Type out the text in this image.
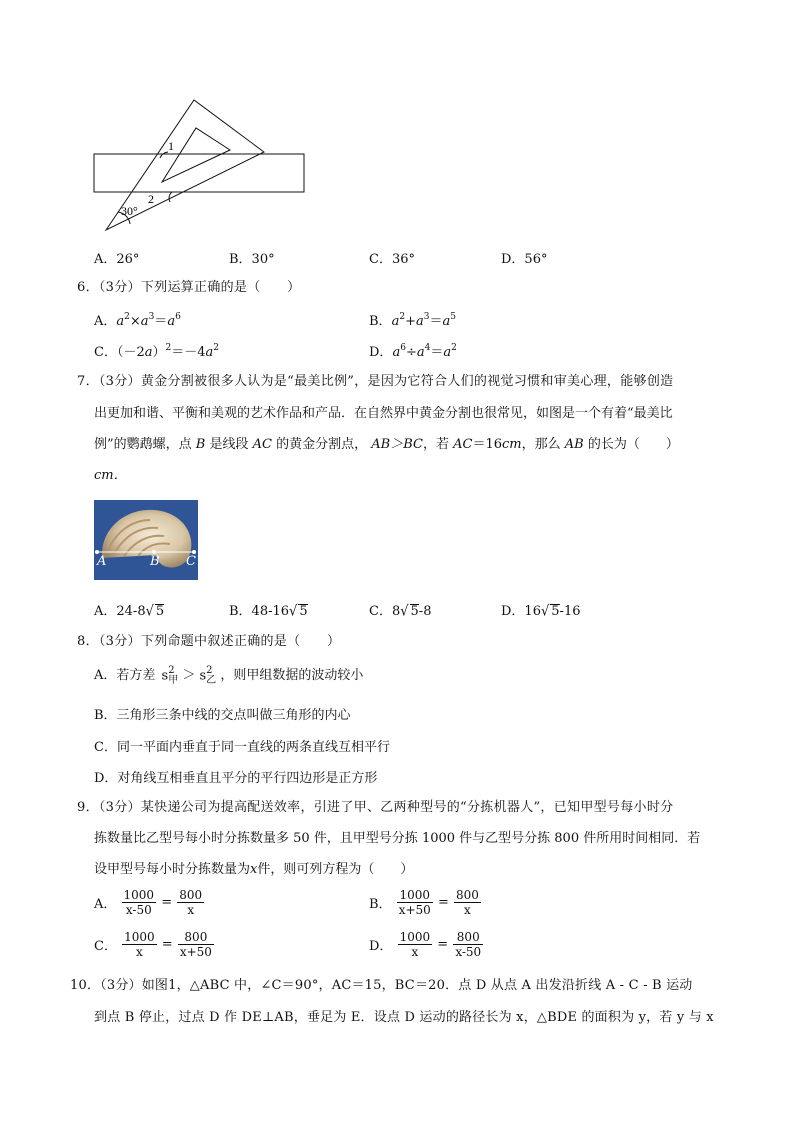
1
2
30°
A．26°	B．30°	C．36°	D．56°
6．（3分）下列运算正确的是（　　）
A．$a^2\times a^3=a^6$	B．$a^2+a^3=a^5$
C．$(-2a)^2=-4a^2$	D．$a^6\div a^4=a^2$
7．（3分）黄金分割被很多人认为是“最美比例”，是因为它符合人们的视觉习惯和审美心理，能够创造
出更加和谐、平衡和美观的艺术作品和产品．在自然界中黄金分割也很常见，如图是一个有着“最美比
例”的鹦鹉螺，点 B 是线段 AC 的黄金分割点， AB＞BC，若 AC＝16cm，那么 AB 的长为（　　）
cm．
A	B C
A．24-8√ 5	B．48-16√ 5	C．8√ 5-8	D．16√ 5-16
8．（3分）下列命题中叙述正确的是（　　）
A．若方差 s 2
甲 ＞ s 2
乙 ，则甲组数据的波动较小
B．三角形三条中线的交点叫做三角形的内心
C．同一平面内垂直于同一直线的两条直线互相平行
D．对角线互相垂直且平分的平行四边形是正方形
9．（3分）某快递公司为提高配送效率，引进了甲、乙两种型号的“分拣机器人”，已知甲型号每小时分
拣数量比乙型号每小时分拣数量多 50 件，且甲型号分拣 1000 件与乙型号分拣 800 件所用时间相同．若
设甲型号每小时分拣数量为x件，则可列方程为（　　）
A． $\frac{1000}{x-50} = \frac{800}{x}$	B． $\frac{1000}{x+50} = \frac{800}{x}$
C． $\frac{1000}{x} = \frac{800}{x+50}$	D． $\frac{1000}{x} = \frac{800}{x-50}$
10．（3分）如图1，△ABC 中，∠C＝90°，AC＝15，BC＝20．点 D 从点 A 出发沿折线 A - C - B 运动
到点 B 停止，过点 D 作 DE⊥AB，垂足为 E．设点 D 运动的路径长为 x，△BDE 的面积为 y，若 y 与 x
